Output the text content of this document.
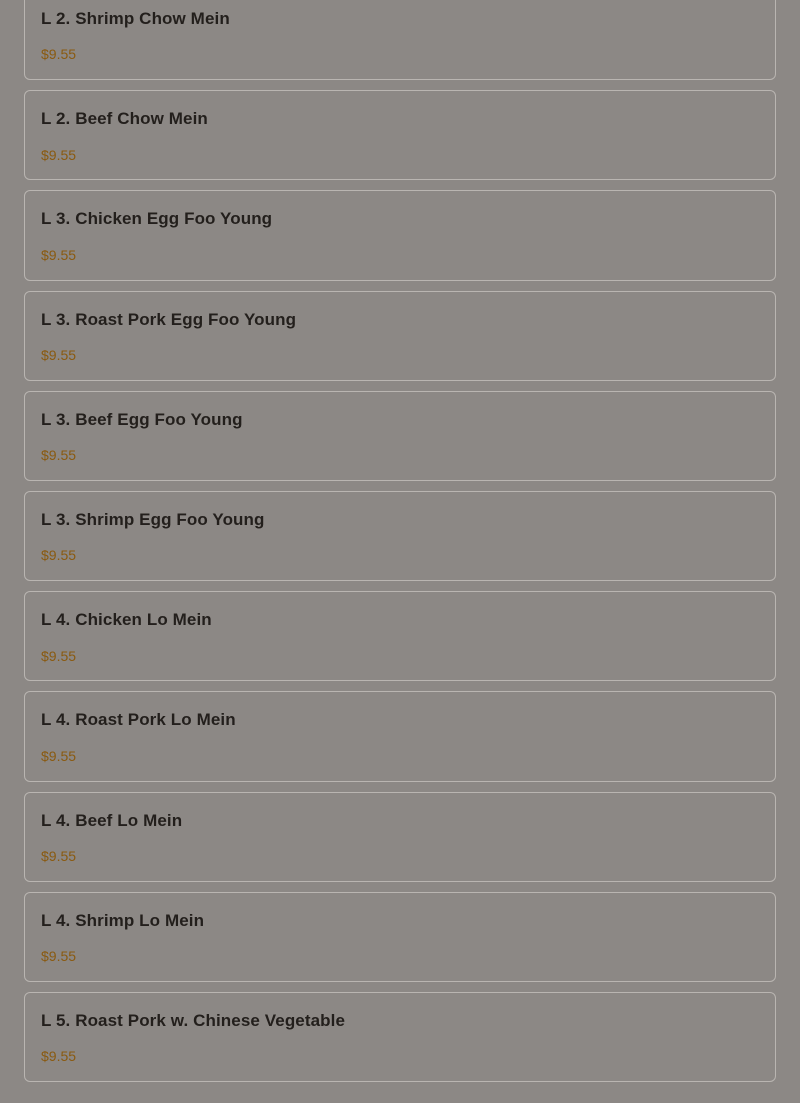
L 2. Shrimp Chow Mein
$9.55
L 2. Beef Chow Mein
$9.55
L 3. Chicken Egg Foo Young
$9.55
L 3. Roast Pork Egg Foo Young
$9.55
L 3. Beef Egg Foo Young
$9.55
L 3. Shrimp Egg Foo Young
$9.55
L 4. Chicken Lo Mein
$9.55
L 4. Roast Pork Lo Mein
$9.55
L 4. Beef Lo Mein
$9.55
L 4. Shrimp Lo Mein
$9.55
L 5. Roast Pork w. Chinese Vegetable
$9.55
